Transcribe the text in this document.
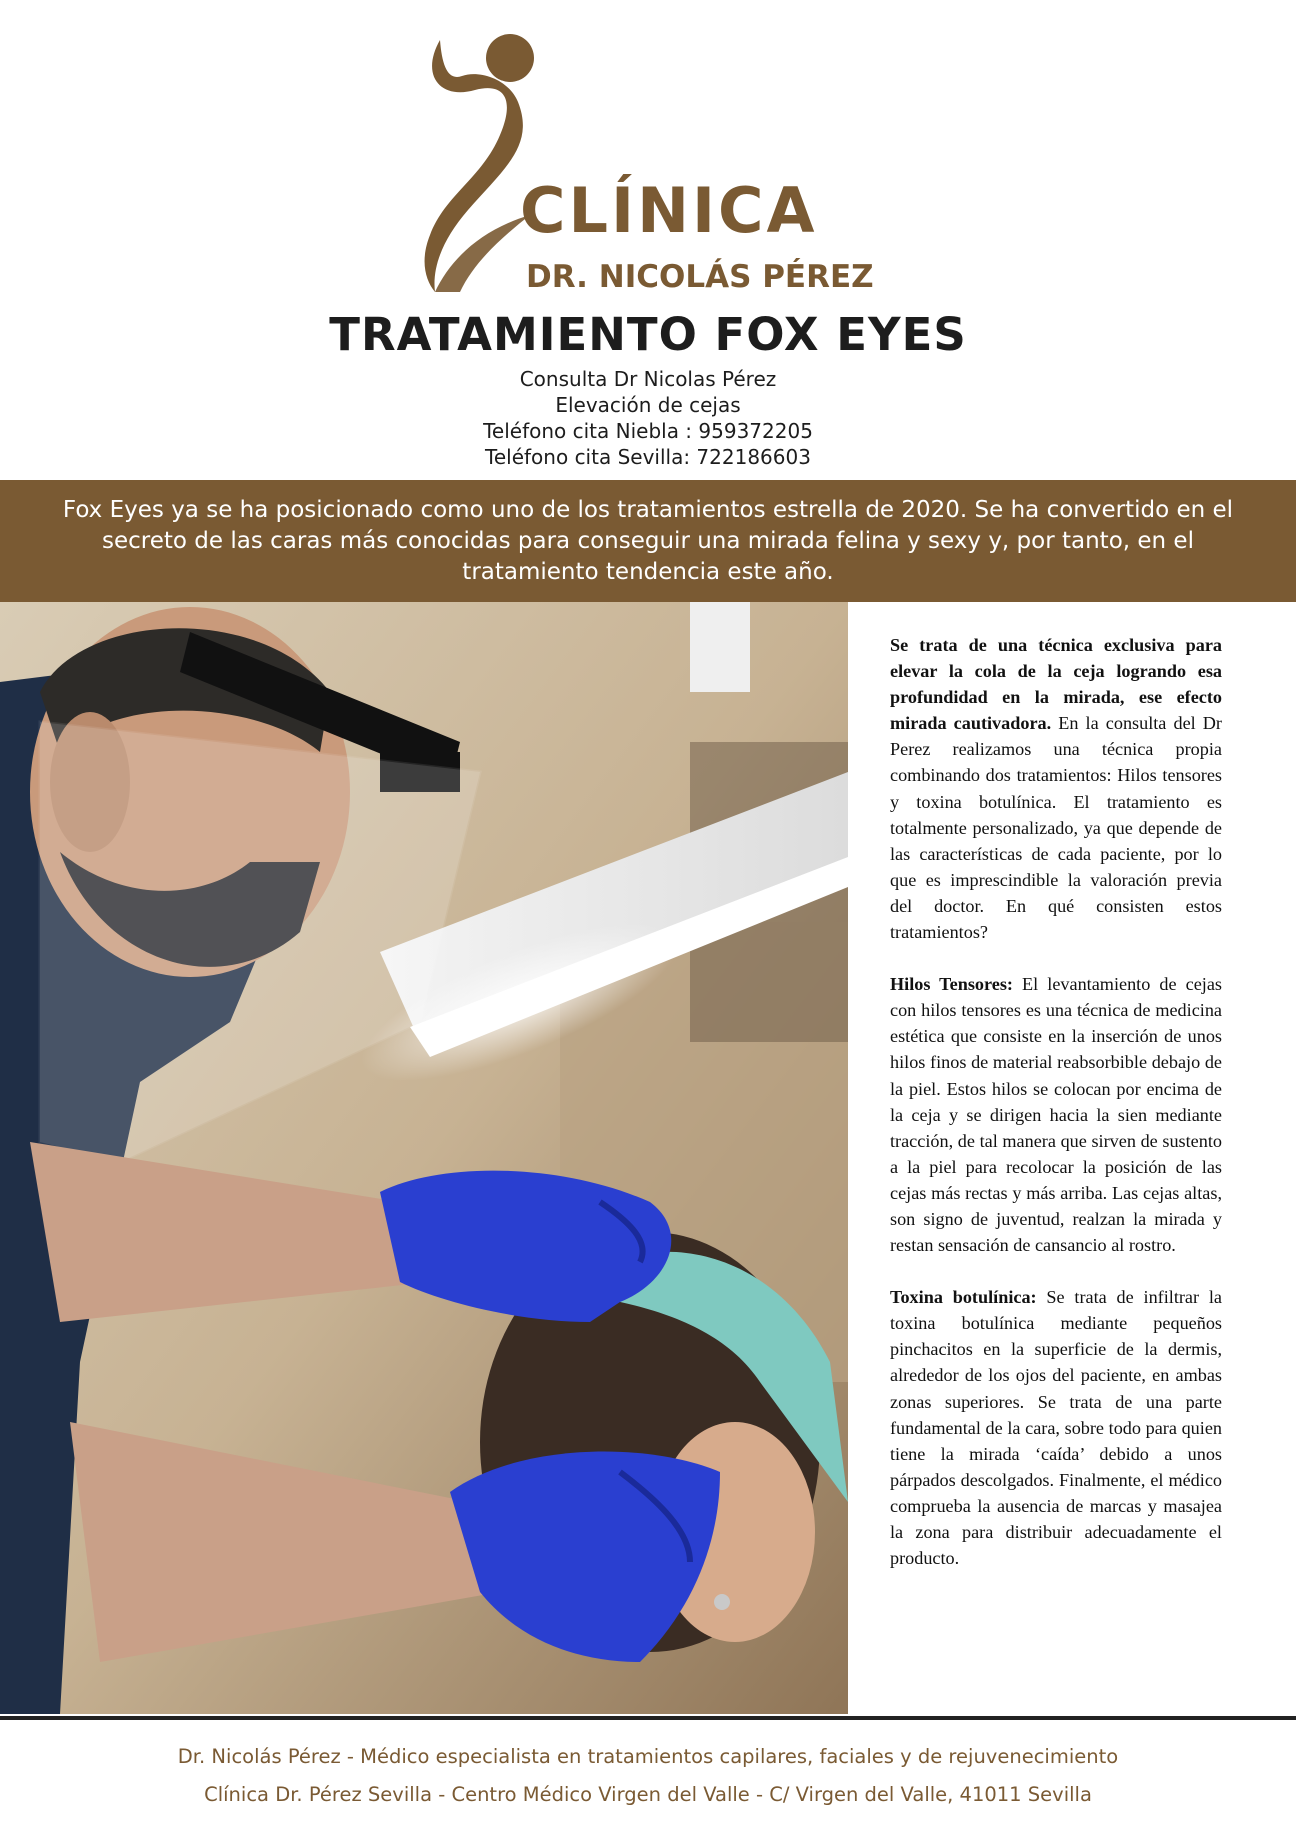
CLÍNICA
DR. NICOLÁS PÉREZ
TRATAMIENTO FOX EYES
Consulta Dr Nicolas Pérez
Elevación de cejas
Teléfono cita Niebla : 959372205
Teléfono cita Sevilla: 722186603

Fox Eyes ya se ha posicionado como uno de los tratamientos estrella de 2020. Se ha convertido en el secreto de las caras más conocidas para conseguir una mirada felina y sexy y, por tanto, en el tratamiento tendencia este año.

Se trata de una técnica exclusiva para elevar la cola de la ceja logrando esa profundidad en la mirada, ese efecto mirada cautivadora. En la consulta del Dr Perez realizamos una técnica propia combinando dos tratamientos: Hilos tensores y toxina botulínica. El tratamiento es totalmente personalizado, ya que depende de las características de cada paciente, por lo que es imprescindible la valoración previa del doctor. En qué consisten estos tratamientos?

Hilos Tensores: El levantamiento de cejas con hilos tensores es una técnica de medicina estética que consiste en la inserción de unos hilos finos de material reabsorbible debajo de la piel. Estos hilos se colocan por encima de la ceja y se dirigen hacia la sien mediante tracción, de tal manera que sirven de sustento a la piel para recolocar la posición de las cejas más rectas y más arriba. Las cejas altas, son signo de juventud, realzan la mirada y restan sensación de cansancio al rostro.

Toxina botulínica: Se trata de infiltrar la toxina botulínica mediante pequeños pinchacitos en la superficie de la dermis, alrededor de los ojos del paciente, en ambas zonas superiores. Se trata de una parte fundamental de la cara, sobre todo para quien tiene la mirada ‘caída’ debido a unos párpados descolgados. Finalmente, el médico comprueba la ausencia de marcas y masajea la zona para distribuir adecuadamente el producto.

Dr. Nicolás Pérez - Médico especialista en tratamientos capilares, faciales y de rejuvenecimiento
Clínica Dr. Pérez Sevilla - Centro Médico Virgen del Valle - C/ Virgen del Valle, 41011 Sevilla
